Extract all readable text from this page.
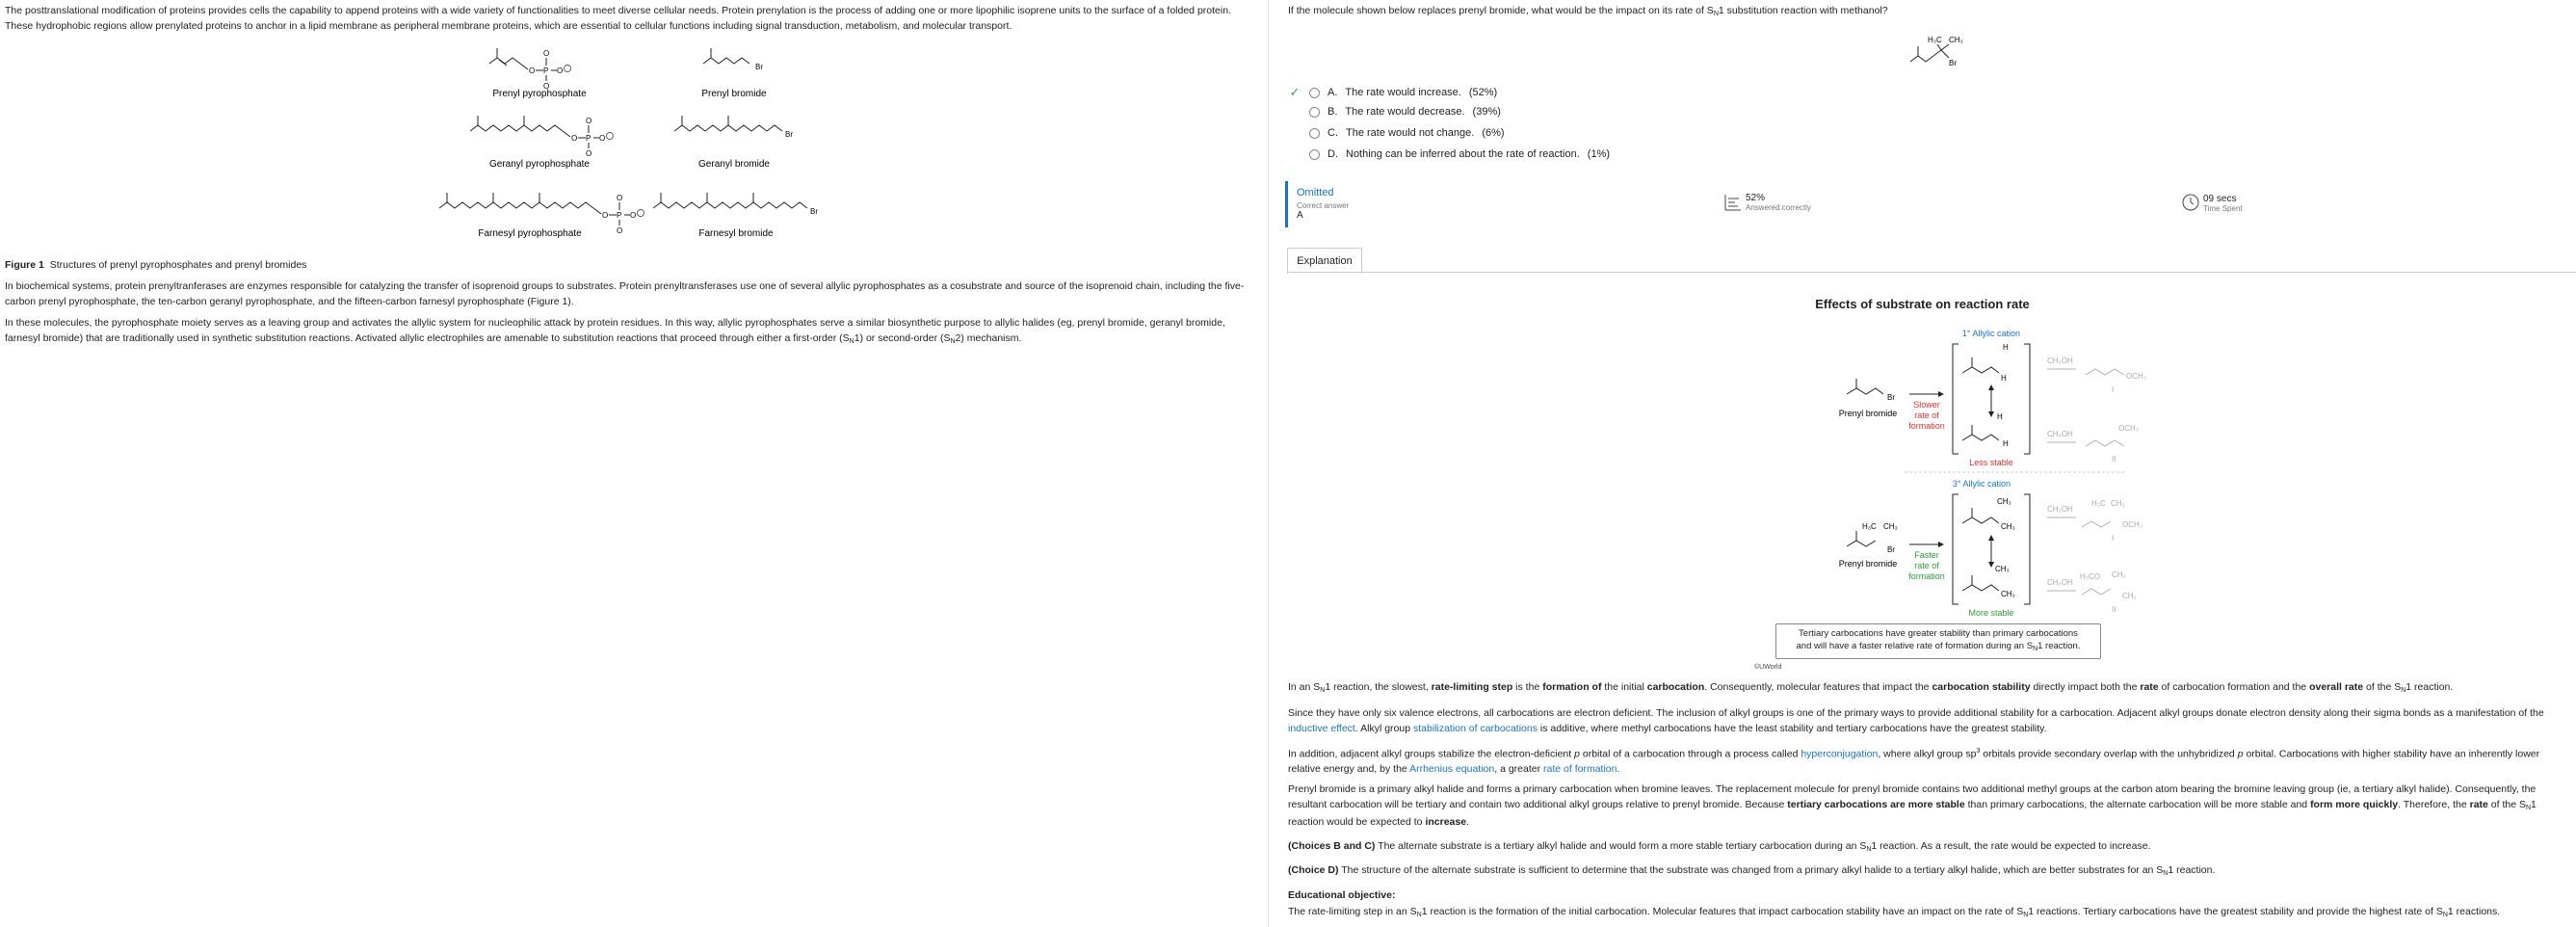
The posttranslational modification of proteins provides cells the capability to append proteins with a wide variety of functionalities to meet diverse cellular needs. Protein prenylation is the process of adding one or more lipophilic isoprene units to the surface of a folded protein. These hydrophobic regions allow prenylated proteins to anchor in a lipid membrane as peripheral membrane proteins, which are essential to cellular functions including signal transduction, metabolism, and molecular transport.
O	P
O
O
Prenyl pyrophosphate
Br
Prenyl bromide
Geranyl pyrophosphate
Br
Geranyl bromide
Farnesyl pyrophosphate
Br
Farnesyl bromide
Figure 1 Structures of prenyl pyrophosphates and prenyl bromides
In biochemical systems, protein prenyltranferases are enzymes responsible for catalyzing the transfer of isoprenoid groups to substrates. Protein prenyltransferases use one of several allylic pyrophosphates as a cosubstrate and source of the isoprenoid chain, including the five-carbon prenyl pyrophosphate, the ten-carbon geranyl pyrophosphate, and the fifteen-carbon farnesyl pyrophosphate (Figure 1).
In these molecules, the pyrophosphate moiety serves as a leaving group and activates the allylic system for nucleophilic attack by protein residues. In this way, allylic pyrophosphates serve a similar biosynthetic purpose to allylic halides (eg, prenyl bromide, geranyl bromide, farnesyl bromide) that are traditionally used in synthetic substitution reactions. Activated allylic electrophiles are amenable to substitution reactions that proceed through either a first-order $(S_N1)$ or second-order $(S_N2)$ mechanism.
If the molecule shown below replaces prenyl bromide, what would be the impact on its rate of $S_N1$ substitution reaction with methanol?
H₃C CH₃
Br
✓	A. The rate would increase. (52%)
B. The rate would decrease. (39%)
C. The rate would not change. (6%)
D. Nothing can be inferred about the rate of reaction. (1%)
Omitted
Correct answer
A
52%
Answered correctly
09 secs
Time Spent
Explanation
Effects of substrate on reaction rate
1° Allylic cation
Br
Prenyl bromide
Slower
rate of
formation
H
H
H
H
Less stable
CH₃OH
CH₃OH
OCH₃
I
OCH₃
II
3° Allylic cation
H₃C CH₃
Br
Prenyl bromide
Faster
rate of
formation
CH₃
CH₃
CH₃
CH₃
More stable
CH₃OH
CH₃OH
H₃C CH₃
OCH₃
I
H₃CO CH₃
CH₃
II
Tertiary carbocations have greater stability than primary carbocations
and will have a faster relative rate of formation during an $S_N1$ reaction.
©UWorld
In an $S_N1$ reaction, the slowest, rate-limiting step is the formation of the initial carbocation. Consequently, molecular features that impact the carbocation stability directly impact both the rate of carbocation formation and the overall rate of the $S_N1$ reaction.
Since they have only six valence electrons, all carbocations are electron deficient. The inclusion of alkyl groups is one of the primary ways to provide additional stability for a carbocation. Adjacent alkyl groups donate electron density along their sigma bonds as a manifestation of the inductive effect. Alkyl group stabilization of carbocations is additive, where methyl carbocations have the least stability and tertiary carbocations have the greatest stability.
In addition, adjacent alkyl groups stabilize the electron-deficient p orbital of a carbocation through a process called hyperconjugation, where alkyl group $sp^3$ orbitals provide secondary overlap with the unhybridized p orbital. Carbocations with higher stability have an inherently lower relative energy and, by the Arrhenius equation, a greater rate of formation.
Prenyl bromide is a primary alkyl halide and forms a primary carbocation when bromine leaves. The replacement molecule for prenyl bromide contains two additional methyl groups at the carbon atom bearing the bromine leaving group (ie, a tertiary alkyl halide). Consequently, the resultant carbocation will be tertiary and contain two additional alkyl groups relative to prenyl bromide. Because tertiary carbocations are more stable than primary carbocations, the alternate carbocation will be more stable and form more quickly. Therefore, the rate of the $S_N1$ reaction would be expected to increase.
(Choices B and C) The alternate substrate is a tertiary alkyl halide and would form a more stable tertiary carbocation during an $S_N1$ reaction. As a result, the rate would be expected to increase.
(Choice D) The structure of the alternate substrate is sufficient to determine that the substrate was changed from a primary alkyl halide to a tertiary alkyl halide, which are better substrates for an $S_N1$ reaction.
Educational objective:
The rate-limiting step in an $S_N1$ reaction is the formation of the initial carbocation. Molecular features that impact carbocation stability have an impact on the rate of $S_N1$ reactions. Tertiary carbocations have the greatest stability and provide the highest rate of $S_N1$ reactions.
